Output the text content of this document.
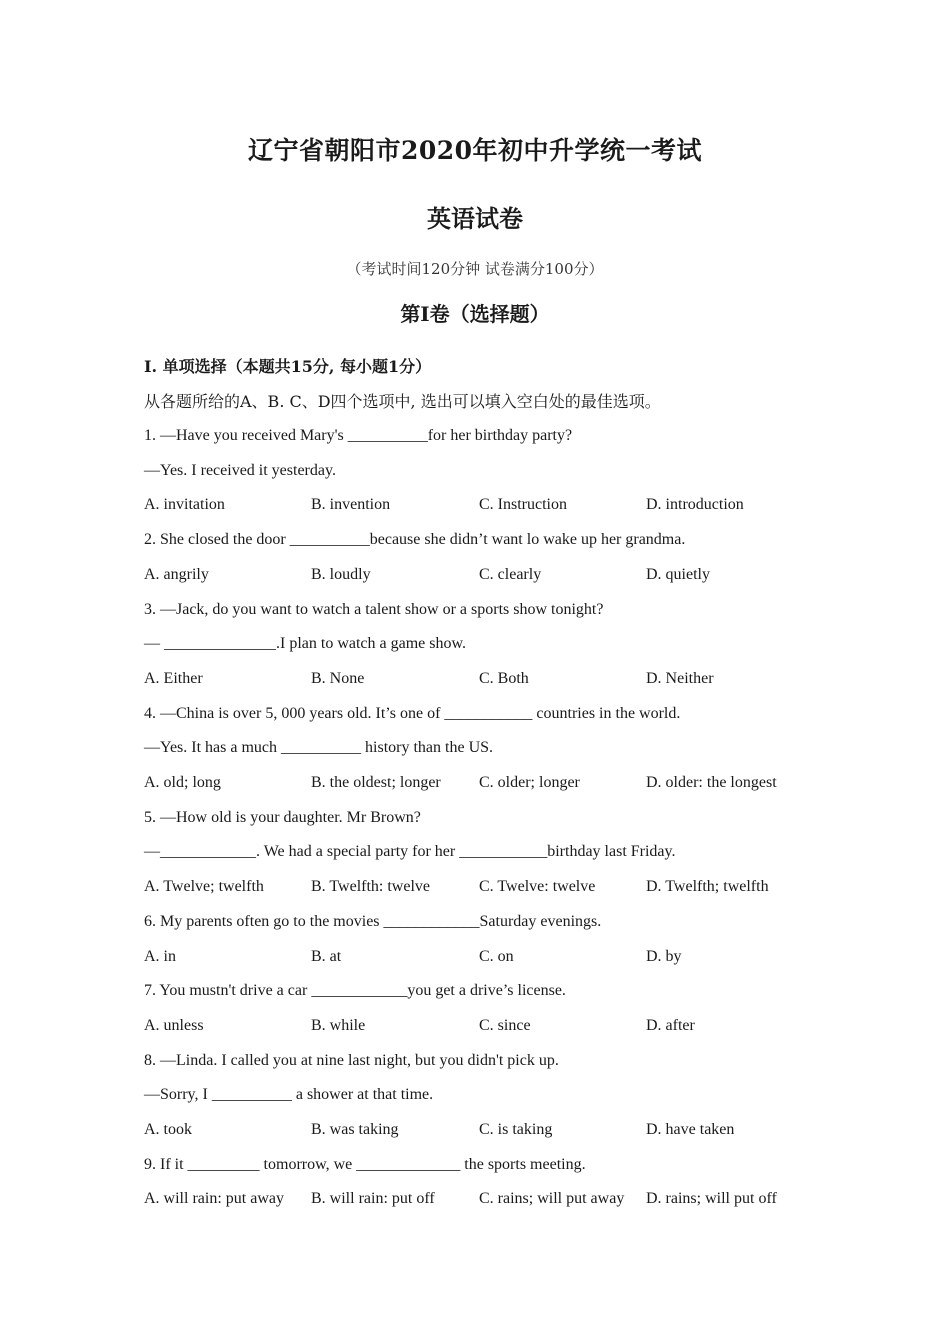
辽宁省朝阳市2020年初中升学统一考试
英语试卷
（考试时间120分钟 试卷满分100分）
第I卷（选择题）
I. 单项选择（本题共15分, 每小题1分）
从各题所给的A、B. C、D四个选项中, 选出可以填入空白处的最佳选项。
1. —Have you received Mary's __________for her birthday party?
—Yes. I received it yesterday.
A. invitation	B. invention	C. Instruction	D. introduction
2. She closed the door __________because she didn’t want lo wake up her grandma.
A. angrily	B. loudly	C. clearly	D. quietly
3. —Jack, do you want to watch a talent show or a sports show tonight?
— ______________.I plan to watch a game show.
A. Either	B. None	C. Both	D. Neither
4. —China is over 5, 000 years old. It’s one of ___________ countries in the world.
—Yes. It has a much __________ history than the US.
A. old; long	B. the oldest; longer C. older; longer	D. older: the longest
5. —How old is your daughter. Mr Brown?
—____________. We had a special party for her ___________birthday last Friday.
A. Twelve; twelfth	B. Twelfth: twelve	C. Twelve: twelve	D. Twelfth; twelfth
6. My parents often go to the movies ____________Saturday evenings.
A. in	B. at	C. on	D. by
7. You mustn't drive a car ____________you get a drive’s license.
A. unless	B. while	C. since	D. after
8. —Linda. I called you at nine last night, but you didn't pick up.
—Sorry, I __________ a shower at that time.
A. took	B. was taking	C. is taking	D. have taken
9. If it _________ tomorrow, we _____________ the sports meeting.
A. will rain: put away B. will rain: put off	C. rains; will put away D. rains; will put off
